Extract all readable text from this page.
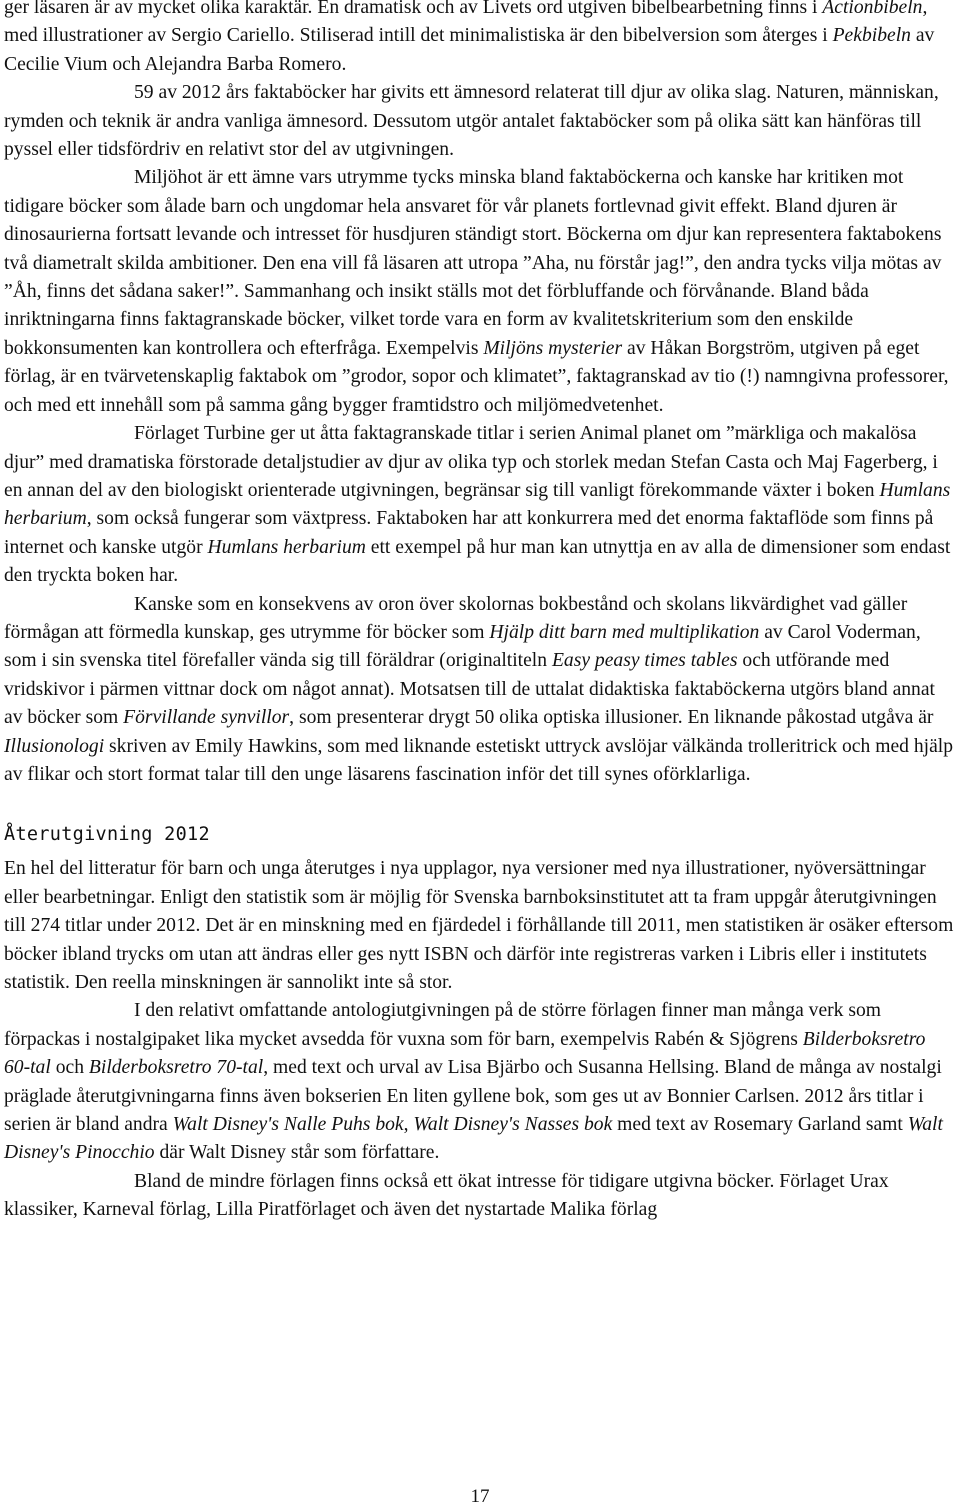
ger läsaren är av mycket olika karaktär. En dramatisk och av Livets ord utgiven bibelbearbetning finns i Actionbibeln, med illustrationer av Sergio Cariello. Stiliserad intill det minimalistiska är den bibelversion som återges i Pekbibeln av Cecilie Vium och Alejandra Barba Romero.

59 av 2012 års faktaböcker har givits ett ämnesord relaterat till djur av olika slag. Naturen, människan, rymden och teknik är andra vanliga ämnesord. Dessutom utgör antalet faktaböcker som på olika sätt kan hänföras till pyssel eller tidsfördriv en relativt stor del av utgivningen.

Miljöhot är ett ämne vars utrymme tycks minska bland faktaböckerna och kanske har kritiken mot tidigare böcker som ålade barn och ungdomar hela ansvaret för vår planets fortlevnad givit effekt. Bland djuren är dinosaurierna fortsatt levande och intresset för husdjuren ständigt stort. Böckerna om djur kan representera faktabokens två diametralt skilda ambitioner. Den ena vill få läsaren att utropa ”Aha, nu förstår jag!”, den andra tycks vilja mötas av ”Åh, finns det sådana saker!”. Sammanhang och insikt ställs mot det förbluffande och förvånande. Bland båda inriktningarna finns faktagranskade böcker, vilket torde vara en form av kvalitetskriterium som den enskilde bokkonsumenten kan kontrollera och efterfråga. Exempelvis Miljöns mysterier av Håkan Borgström, utgiven på eget förlag, är en tvärvetenskaplig faktabok om ”grodor, sopor och klimatet”, faktagranskad av tio (!) namngivna professorer, och med ett innehåll som på samma gång bygger framtidstro och miljömedvetenhet.

Förlaget Turbine ger ut åtta faktagranskade titlar i serien Animal planet om ”märkliga och makalösa djur” med dramatiska förstorade detaljstudier av djur av olika typ och storlek medan Stefan Casta och Maj Fagerberg, i en annan del av den biologiskt orienterade utgivningen, begränsar sig till vanligt förekommande växter i boken Humlans herbarium, som också fungerar som växtpress. Faktaboken har att konkurrera med det enorma faktaflöde som finns på internet och kanske utgör Humlans herbarium ett exempel på hur man kan utnyttja en av alla de dimensioner som endast den tryckta boken har.

Kanske som en konsekvens av oron över skolornas bokbestånd och skolans likvärdighet vad gäller förmågan att förmedla kunskap, ges utrymme för böcker som Hjälp ditt barn med multiplikation av Carol Voderman, som i sin svenska titel förefaller vända sig till föräldrar (originaltiteln Easy peasy times tables och utförande med vridskivor i pärmen vittnar dock om något annat). Motsatsen till de uttalat didaktiska faktaböckerna utgörs bland annat av böcker som Förvillande synvillor, som presenterar drygt 50 olika optiska illusioner. En liknande påkostad utgåva är Illusionologi skriven av Emily Hawkins, som med liknande estetiskt uttryck avslöjar välkända trolleritrick och med hjälp av flikar och stort format talar till den unge läsarens fascination inför det till synes oförklarliga.

Återutgivning 2012

En hel del litteratur för barn och unga återutges i nya upplagor, nya versioner med nya illustrationer, nyöversättningar eller bearbetningar. Enligt den statistik som är möjlig för Svenska barnboksinstitutet att ta fram uppgår återutgivningen till 274 titlar under 2012. Det är en minskning med en fjärdedel i förhållande till 2011, men statistiken är osäker eftersom böcker ibland trycks om utan att ändras eller ges nytt ISBN och därför inte registreras varken i Libris eller i institutets statistik. Den reella minskningen är sannolikt inte så stor.

I den relativt omfattande antologiutgivningen på de större förlagen finner man många verk som förpackas i nostalgipaket lika mycket avsedda för vuxna som för barn, exempelvis Rabén & Sjögrens Bilderboksretro 60-tal och Bilderboksretro 70-tal, med text och urval av Lisa Bjärbo och Susanna Hellsing. Bland de många av nostalgi präglade återutgivningarna finns även bokserien En liten gyllene bok, som ges ut av Bonnier Carlsen. 2012 års titlar i serien är bland andra Walt Disney's Nalle Puhs bok, Walt Disney's Nasses bok med text av Rosemary Garland samt Walt Disney's Pinocchio där Walt Disney står som författare.

Bland de mindre förlagen finns också ett ökat intresse för tidigare utgivna böcker. Förlaget Urax klassiker, Karneval förlag, Lilla Piratförlaget och även det nystartade Malika förlag

17
